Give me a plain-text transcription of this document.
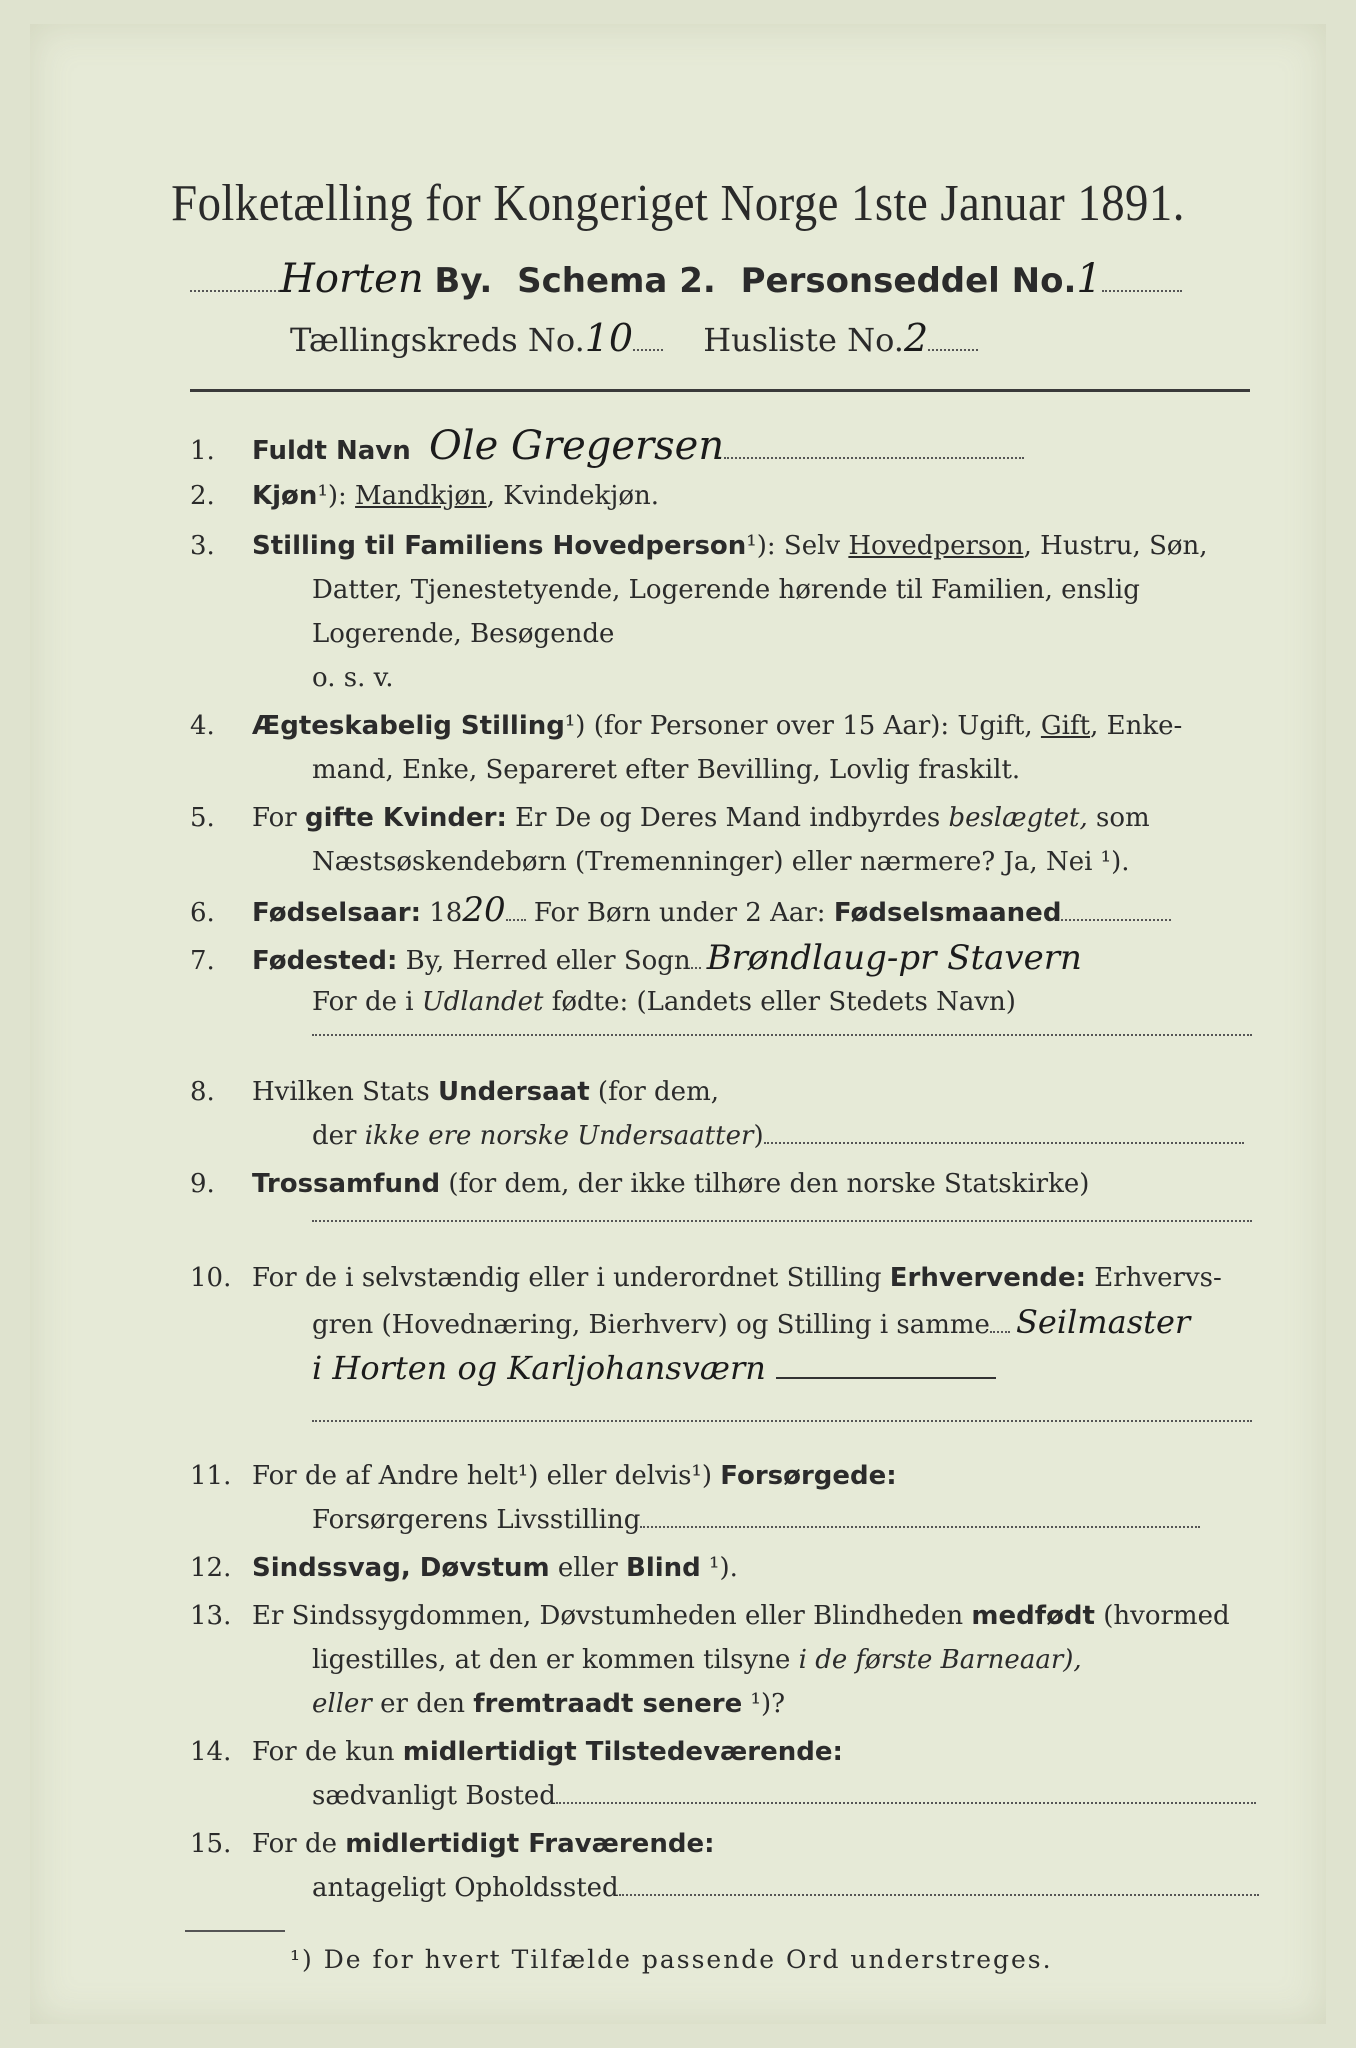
Folketælling for Kongeriget Norge 1ste Januar 1891.
Horten By. Schema 2. Personseddel No.1
Tællingskreds No.10 Husliste No.2
1. Fuldt Navn Ole Gregersen
2. Kjøn¹): Mandkjøn, Kvindekjøn.
3. Stilling til Familiens Hovedperson¹): Selv Hovedperson, Hustru, Søn,
Datter, Tjenestetyende, Logerende hørende til Familien, enslig
Logerende, Besøgende
o. s. v.
4. Ægteskabelig Stilling¹) (for Personer over 15 Aar): Ugift, Gift, Enke-
mand, Enke, Separeret efter Bevilling, Lovlig fraskilt.
5. For gifte Kvinder: Er De og Deres Mand indbyrdes beslægtet, som
Næstsøskendebørn (Tremenninger) eller nærmere? Ja, Nei ¹).
6. Fødselsaar: 1820 For Børn under 2 Aar: Fødselsmaaned
7. Fødested: By, Herred eller Sogn Brøndlaug-pr Stavern
For de i Udlandet fødte: (Landets eller Stedets Navn)
8. Hvilken Stats Undersaat (for dem,
der ikke ere norske Undersaatter)
9. Trossamfund (for dem, der ikke tilhøre den norske Statskirke)
10. For de i selvstændig eller i underordnet Stilling Erhvervende: Erhvervs-
gren (Hovednæring, Bierhverv) og Stilling i samme Seilmaster
i Horten og Karljohansværn
11. For de af Andre helt¹) eller delvis¹) Forsørgede:
Forsørgerens Livsstilling
12. Sindssvag, Døvstum eller Blind ¹).
13. Er Sindssygdommen, Døvstumheden eller Blindheden medfødt (hvormed
ligestilles, at den er kommen tilsyne i de første Barneaar),
eller er den fremtraadt senere ¹)?
14. For de kun midlertidigt Tilstedeværende:
sædvanligt Bosted
15. For de midlertidigt Fraværende:
antageligt Opholdssted
¹) De for hvert Tilfælde passende Ord understreges.
